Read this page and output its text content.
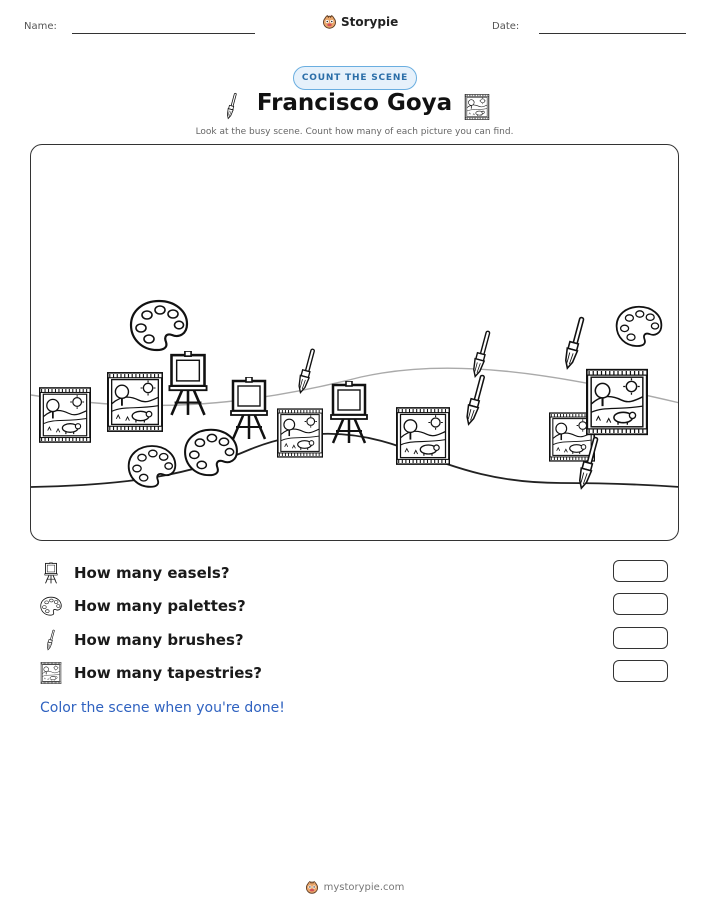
Name:	Storypie	Date:
COUNT THE SCENE
Francisco Goya
Look at the busy scene. Count how many of each picture you can find.
How many easels?
How many palettes?
How many brushes?
How many tapestries?
Color the scene when you're done!
mystorypie.com
